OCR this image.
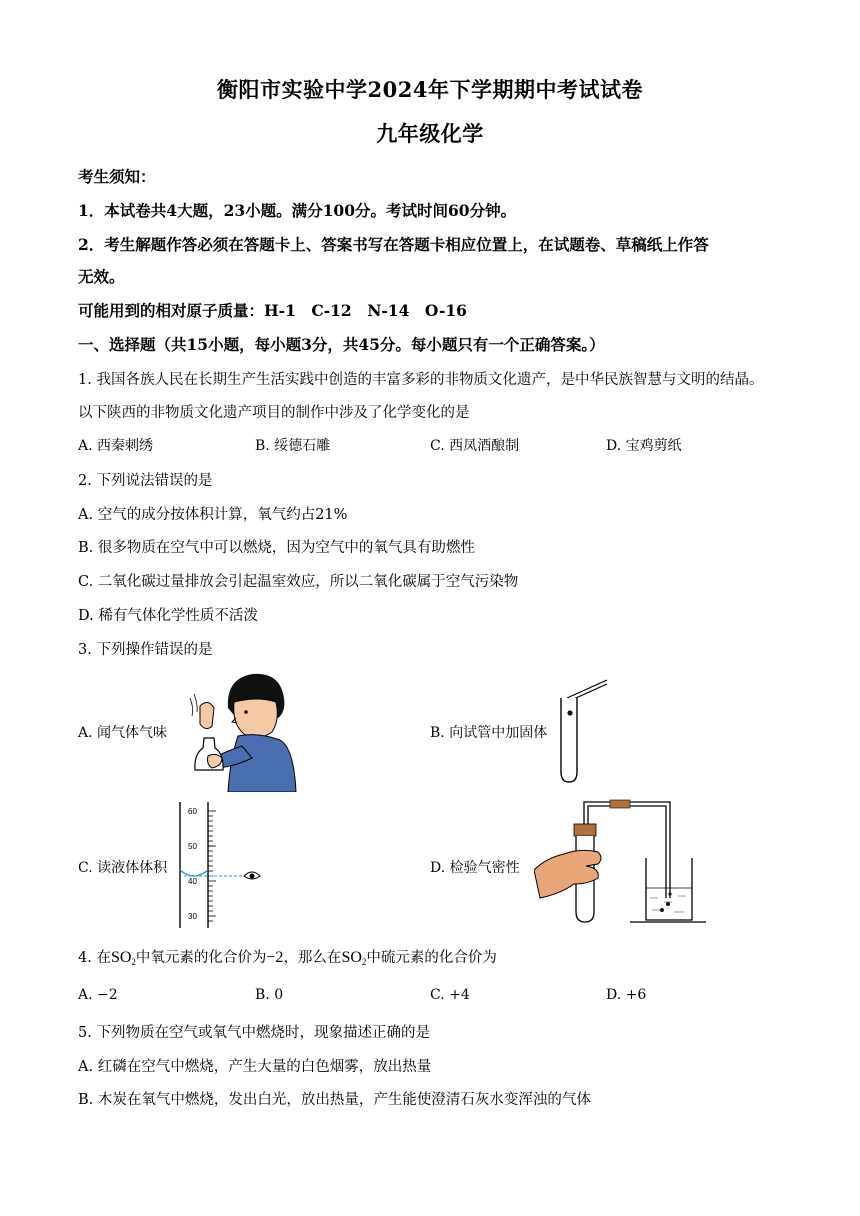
衡阳市实验中学2024年下学期期中考试试卷
九年级化学
考生须知：
1．本试卷共4大题，23小题。满分100分。考试时间60分钟。
2．考生解题作答必须在答题卡上、答案书写在答题卡相应位置上，在试题卷、草稿纸上作答
无效。
可能用到的相对原子质量：H-1　C-12　N-14　O-16
一、选择题（共15小题，每小题3分，共45分。每小题只有一个正确答案。）
1. 我国各族人民在长期生产生活实践中创造的丰富多彩的非物质文化遗产，是中华民族智慧与文明的结晶。
以下陕西的非物质文化遗产项目的制作中涉及了化学变化的是
A. 西秦刺绣	B. 绥德石雕	C. 西凤酒酿制	D. 宝鸡剪纸
2. 下列说法错误的是
A. 空气的成分按体积计算，氧气约占21%
B. 很多物质在空气中可以燃烧，因为空气中的氧气具有助燃性
C. 二氧化碳过量排放会引起温室效应，所以二氧化碳属于空气污染物
D. 稀有气体化学性质不活泼
3. 下列操作错误的是
A. 闻气体气味	B. 向试管中加固体
C. 读液体体积
60
50
40
30
D. 检验气密性
4. 在$SO_2$中氧元素的化合价为−2，那么在$SO_2$中硫元素的化合价为
A. −2	B. 0	C. +4	D. +6
5. 下列物质在空气或氧气中燃烧时，现象描述正确的是
A. 红磷在空气中燃烧，产生大量的白色烟雾，放出热量
B. 木炭在氧气中燃烧，发出白光，放出热量，产生能使澄清石灰水变浑浊的气体
